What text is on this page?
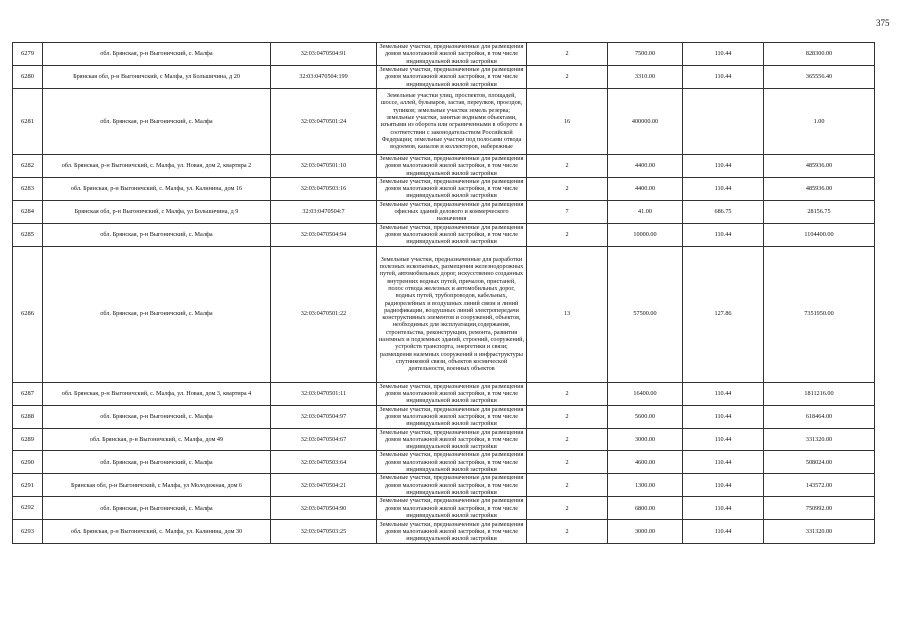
375
6279	обл. Брянская, р-н Выгоничский, с. Малфа	32:03:0470504:91	Земельные участки, предназначенные для размещения домов малоэтажной жилой застройки, в том числе индивидуальной жилой застройки	2	7500.00	110.44	828300.00
6280	Брянская обл, р-н Выгоничский, с Малфа, ул Большичина, д 20	32:03:0470504:199	Земельные участки, предназначенные для размещения домов малоэтажной жилой застройки, в том числе индивидуальной жилой застройки	2	3310.00	110.44	365556.40
6281	обл. Брянская, р-н Выгоничский, с. Малфа	32:03:0470501:24	Земельные участки улиц, проспектов, площадей, шоссе, аллей, бульваров, застав, переулков, проездов, тупиков; земельные участки земель резерва; земельные участки, занятые водными объектами, изъятыми из оборота или ограниченными в обороте в соответствии с законодательством Российской Федерации; земельные участки под полосами отвода водоемов, каналов и коллекторов, набережные	16	400000.00		1.00
6282	обл. Брянская, р-н Выгоничский, с. Малфа, ул. Новая, дом 2, квартира 2	32:03:0470501:10	Земельные участки, предназначенные для размещения домов малоэтажной жилой застройки, в том числе индивидуальной жилой застройки	2	4400.00	110.44	485936.00
6283	обл. Брянская, р-н Выгоничский, с. Малфа, ул. Калинина, дом 16	32:03:0470503:16	Земельные участки, предназначенные для размещения домов малоэтажной жилой застройки, в том числе индивидуальной жилой застройки	2	4400.00	110.44	485936.00
6284	Брянская обл, р-н Выгоничский, с Малфа, ул Большичина, д 9	32:03:0470504:7	Земельные участки, предназначенные для размещения офисных зданий делового и коммерческого назначения	7	41.00	686.75	28156.75
6285	обл. Брянская, р-н Выгоничский, с. Малфа	32:03:0470504:94	Земельные участки, предназначенные для размещения домов малоэтажной жилой застройки, в том числе индивидуальной жилой застройки	2	10000.00	110.44	1104400.00
6286	обл. Брянская, р-н Выгоничский, с. Малфа	32:03:0470501:22	Земельные участки, предназначенные для разработки полезных ископаемых, размещения железнодорожных путей, автомобильных дорог, искусственно созданных внутренних водных путей, причалов, пристаней, полос отвода железных и автомобильных дорог, водных путей, трубопроводов, кабельных, радиорелейных и воздушных линий связи и линий радиофикации, воздушных линий электропередачи конструктивных элементов и сооружений, объектов, необходимых для эксплуатации,содержания, строительства, реконструкции, ремонта, развития наземных и подземных зданий, строений, сооружений, устройств транспорта, энергетики и связи; размещения наземных сооружений и инфраструктуры спутниковой связи, объектов космической деятельности, военных объектов	13	57500.00	127.86	7351950.00
6287	обл. Брянская, р-н Выгоничский, с. Малфа, ул. Новая, дом 3, квартира 4	32:03:0470501:11	Земельные участки, предназначенные для размещения домов малоэтажной жилой застройки, в том числе индивидуальной жилой застройки	2	16400.00	110.44	1811216.00
6288	обл. Брянская, р-н Выгоничский, с. Малфа	32:03:0470504:97	Земельные участки, предназначенные для размещения домов малоэтажной жилой застройки, в том числе индивидуальной жилой застройки	2	5600.00	110.44	618464.00
6289	обл. Брянская, р-н Выгоничский, с. Малфа, дом 49	32:03:0470504:67	Земельные участки, предназначенные для размещения домов малоэтажной жилой застройки, в том числе индивидуальной жилой застройки	2	3000.00	110.44	331320.00
6290	обл. Брянская, р-н Выгоничский, с. Малфа	32:03:0470503:64	Земельные участки, предназначенные для размещения домов малоэтажной жилой застройки, в том числе индивидуальной жилой застройки	2	4600.00	110.44	508024.00
6291	Брянская обл, р-н Выгоничский, с Малфа, ул Молодежная, дом 6	32:03:0470504:21	Земельные участки, предназначенные для размещения домов малоэтажной жилой застройки, в том числе индивидуальной жилой застройки	2	1300.00	110.44	143572.00
6292	обл. Брянская, р-н Выгоничский, с. Малфа	32:03:0470504:90	Земельные участки, предназначенные для размещения домов малоэтажной жилой застройки, в том числе индивидуальной жилой застройки	2	6800.00	110.44	750992.00
6293	обл. Брянская, р-н Выгоничский, с. Малфа, ул. Калинина, дом 30	32:03:0470503:25	Земельные участки, предназначенные для размещения домов малоэтажной жилой застройки, в том числе индивидуальной жилой застройки	2	3000.00	110.44	331320.00
